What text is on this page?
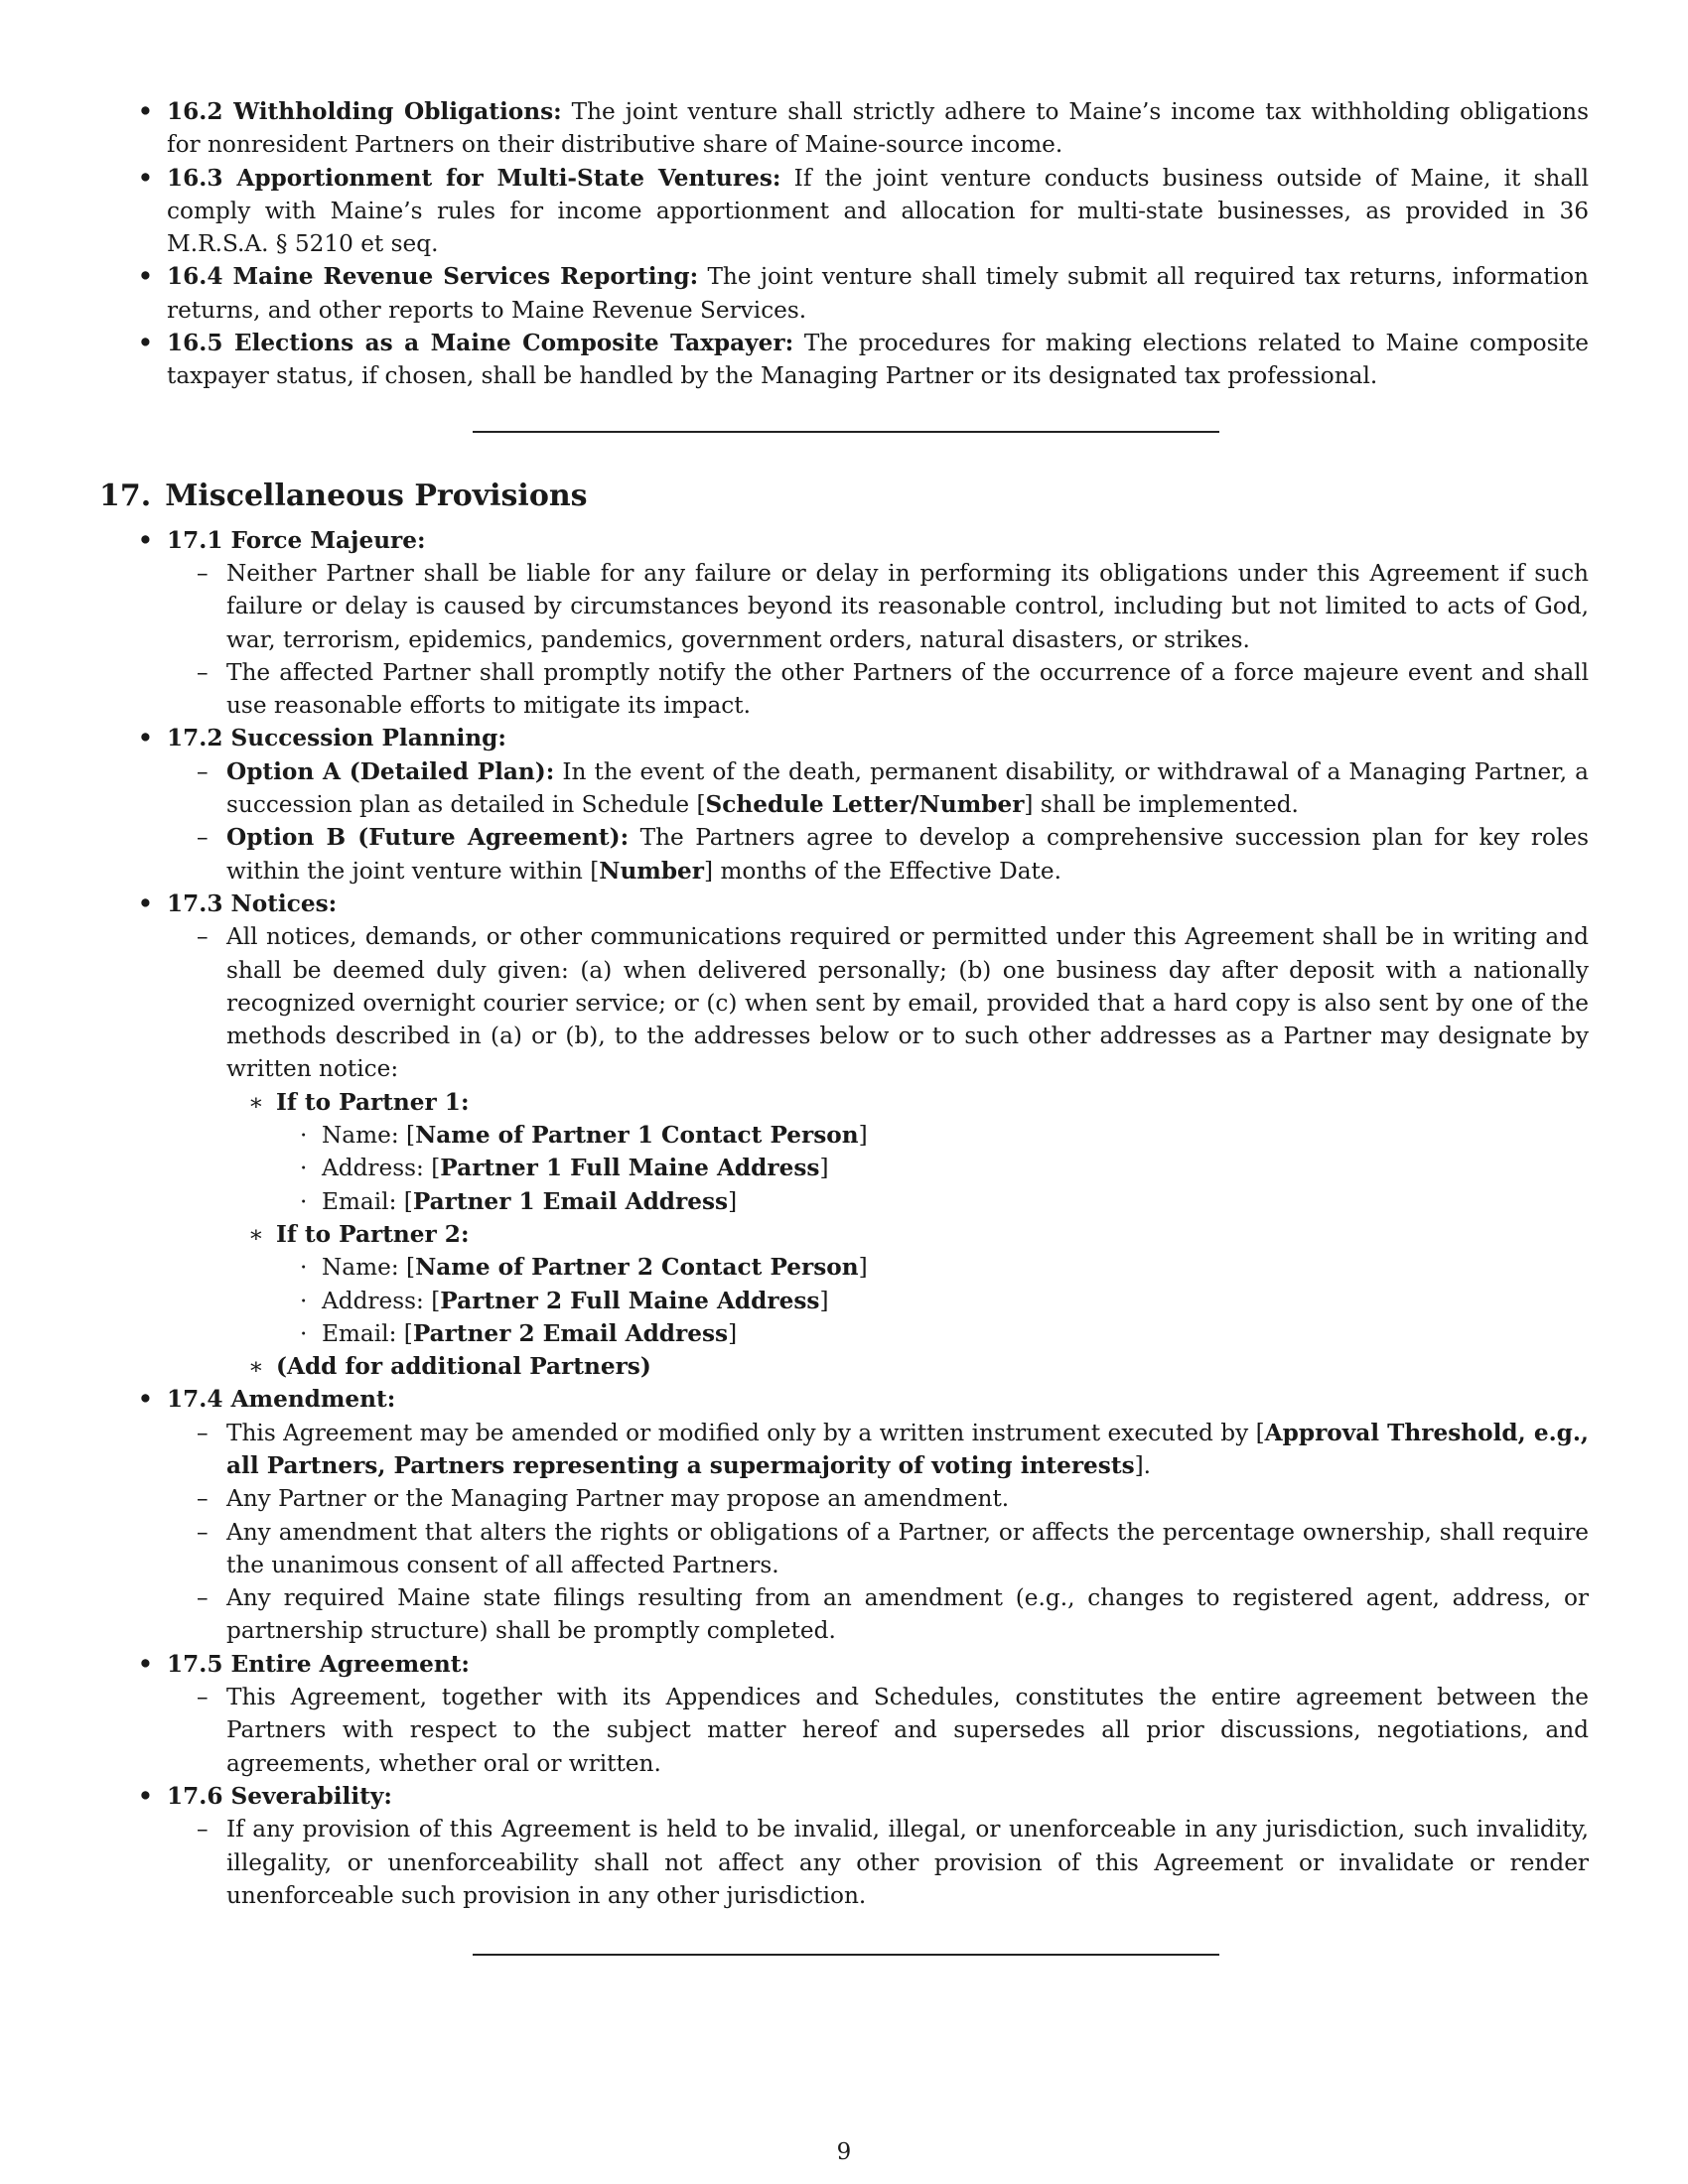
• 16.2 Withholding Obligations: The joint venture shall strictly adhere to Maine’s income tax withholding obligations for nonresident Partners on their distributive share of Maine-source income.
• 16.3 Apportionment for Multi-State Ventures: If the joint venture conducts business outside of Maine, it shall comply with Maine’s rules for income apportionment and allocation for multi-state businesses, as provided in 36 M.R.S.A. § 5210 et seq.
• 16.4 Maine Revenue Services Reporting: The joint venture shall timely submit all required tax returns, information returns, and other reports to Maine Revenue Services.
• 16.5 Elections as a Maine Composite Taxpayer: The procedures for making elections related to Maine composite taxpayer status, if chosen, shall be handled by the Managing Partner or its designated tax professional.
17. Miscellaneous Provisions
• 17.1 Force Majeure:
– Neither Partner shall be liable for any failure or delay in performing its obligations under this Agreement if such failure or delay is caused by circumstances beyond its reasonable control, including but not limited to acts of God, war, terrorism, epidemics, pandemics, government orders, natural disasters, or strikes.
– The affected Partner shall promptly notify the other Partners of the occurrence of a force majeure event and shall use reasonable efforts to mitigate its impact.
• 17.2 Succession Planning:
– Option A (Detailed Plan): In the event of the death, permanent disability, or withdrawal of a Managing Partner, a succession plan as detailed in Schedule [Schedule Letter/Number] shall be implemented.
– Option B (Future Agreement): The Partners agree to develop a comprehensive succession plan for key roles within the joint venture within [Number] months of the Effective Date.
• 17.3 Notices:
– All notices, demands, or other communications required or permitted under this Agreement shall be in writing and shall be deemed duly given: (a) when delivered personally; (b) one business day after deposit with a nationally recognized overnight courier service; or (c) when sent by email, provided that a hard copy is also sent by one of the methods described in (a) or (b), to the addresses below or to such other addresses as a Partner may designate by written notice:
∗ If to Partner 1:
· Name: [Name of Partner 1 Contact Person]
· Address: [Partner 1 Full Maine Address]
· Email: [Partner 1 Email Address]
∗ If to Partner 2:
· Name: [Name of Partner 2 Contact Person]
· Address: [Partner 2 Full Maine Address]
· Email: [Partner 2 Email Address]
∗ (Add for additional Partners)
• 17.4 Amendment:
– This Agreement may be amended or modified only by a written instrument executed by [Approval Threshold, e.g., all Partners, Partners representing a supermajority of voting interests].
– Any Partner or the Managing Partner may propose an amendment.
– Any amendment that alters the rights or obligations of a Partner, or affects the percentage ownership, shall require the unanimous consent of all affected Partners.
– Any required Maine state filings resulting from an amendment (e.g., changes to registered agent, address, or partnership structure) shall be promptly completed.
• 17.5 Entire Agreement:
– This Agreement, together with its Appendices and Schedules, constitutes the entire agreement between the Partners with respect to the subject matter hereof and supersedes all prior discussions, negotiations, and agreements, whether oral or written.
• 17.6 Severability:
– If any provision of this Agreement is held to be invalid, illegal, or unenforceable in any jurisdiction, such invalidity, illegality, or unenforceability shall not affect any other provision of this Agreement or invalidate or render unenforceable such provision in any other jurisdiction.
9
